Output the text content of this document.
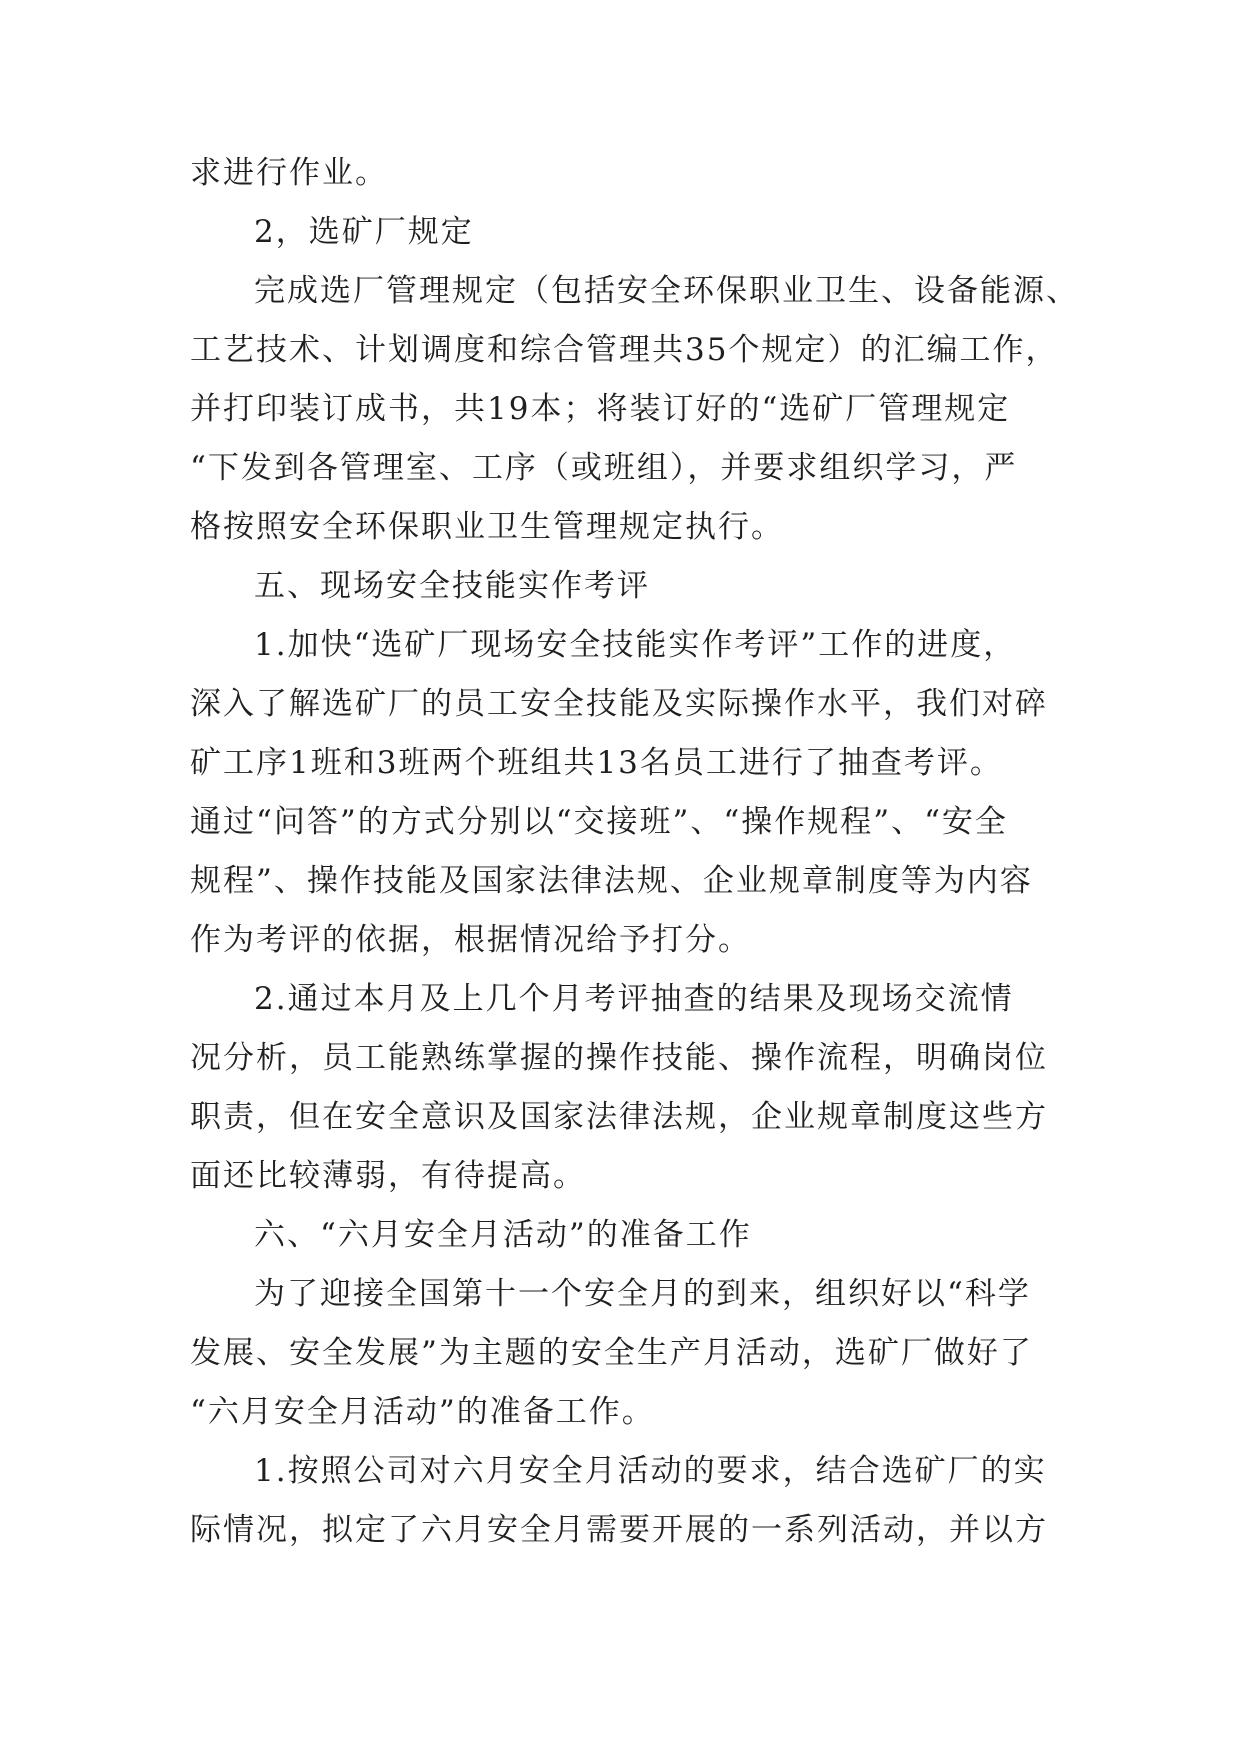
求进行作业。
2，选矿厂规定
完成选厂管理规定（包括安全环保职业卫生、设备能源、
工艺技术、计划调度和综合管理共35个规定）的汇编工作，
并打印装订成书，共19本；将装订好的“选矿厂管理规定
“下发到各管理室、工序（或班组），并要求组织学习，严
格按照安全环保职业卫生管理规定执行。
五、现场安全技能实作考评
1.加快“选矿厂现场安全技能实作考评”工作的进度，
深入了解选矿厂的员工安全技能及实际操作水平，我们对碎
矿工序1班和3班两个班组共13名员工进行了抽查考评。
通过“问答”的方式分别以“交接班”、“操作规程”、“安全
规程”、操作技能及国家法律法规、企业规章制度等为内容
作为考评的依据，根据情况给予打分。
2.通过本月及上几个月考评抽查的结果及现场交流情
况分析，员工能熟练掌握的操作技能、操作流程，明确岗位
职责，但在安全意识及国家法律法规，企业规章制度这些方
面还比较薄弱，有待提高。
六、“六月安全月活动”的准备工作
为了迎接全国第十一个安全月的到来，组织好以“科学
发展、安全发展”为主题的安全生产月活动，选矿厂做好了
“六月安全月活动”的准备工作。
1.按照公司对六月安全月活动的要求，结合选矿厂的实
际情况，拟定了六月安全月需要开展的一系列活动，并以方
